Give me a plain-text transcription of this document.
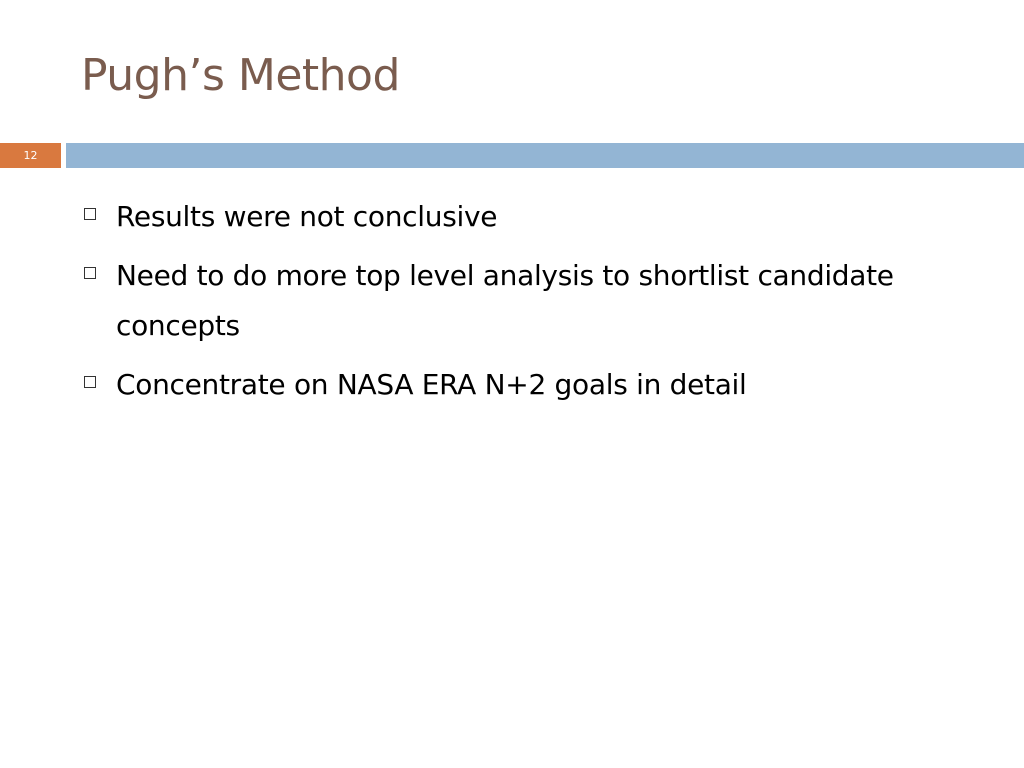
Pugh’s Method
12
Results were not conclusive
Need to do more top level analysis to shortlist candidate concepts
Concentrate on NASA ERA N+2 goals in detail
